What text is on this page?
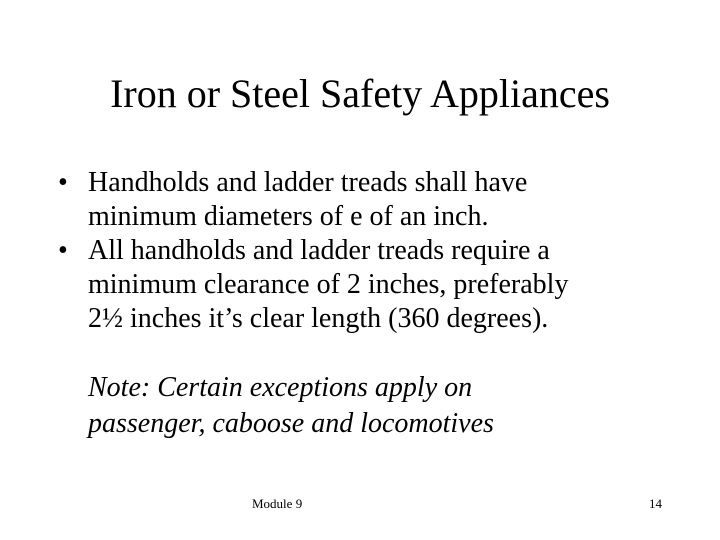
Iron or Steel Safety Appliances
• Handholds and ladder treads shall have
minimum diameters of e of an inch.
• All handholds and ladder treads require a
minimum clearance of 2 inches, preferably
2½ inches it’s clear length (360 degrees).
Note: Certain exceptions apply on
passenger, caboose and locomotives
Module 9	14
